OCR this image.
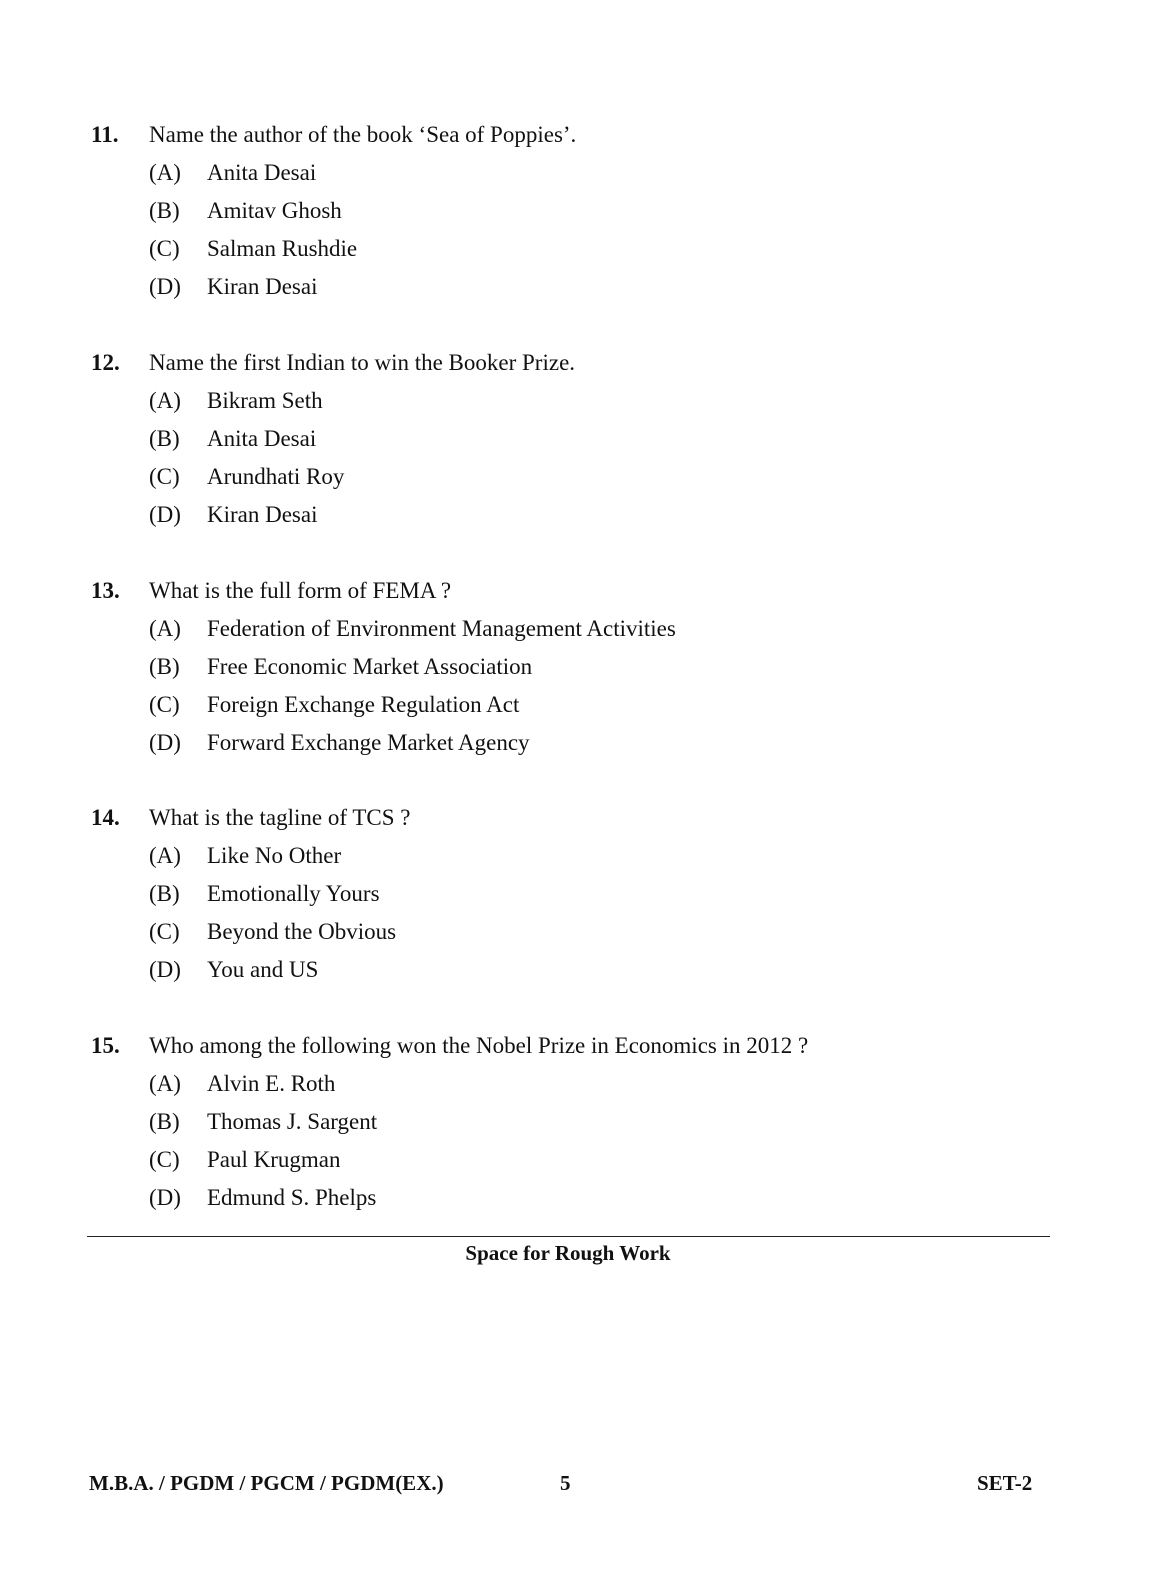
11. Name the author of the book ‘Sea of Poppies’.
(A) Anita Desai
(B) Amitav Ghosh
(C) Salman Rushdie
(D) Kiran Desai
12. Name the first Indian to win the Booker Prize.
(A) Bikram Seth
(B) Anita Desai
(C) Arundhati Roy
(D) Kiran Desai
13. What is the full form of FEMA ?
(A) Federation of Environment Management Activities
(B) Free Economic Market Association
(C) Foreign Exchange Regulation Act
(D) Forward Exchange Market Agency
14. What is the tagline of TCS ?
(A) Like No Other
(B) Emotionally Yours
(C) Beyond the Obvious
(D) You and US
15. Who among the following won the Nobel Prize in Economics in 2012 ?
(A) Alvin E. Roth
(B) Thomas J. Sargent
(C) Paul Krugman
(D) Edmund S. Phelps
Space for Rough Work
M.B.A. / PGDM / PGCM / PGDM(EX.)	5	SET-2
